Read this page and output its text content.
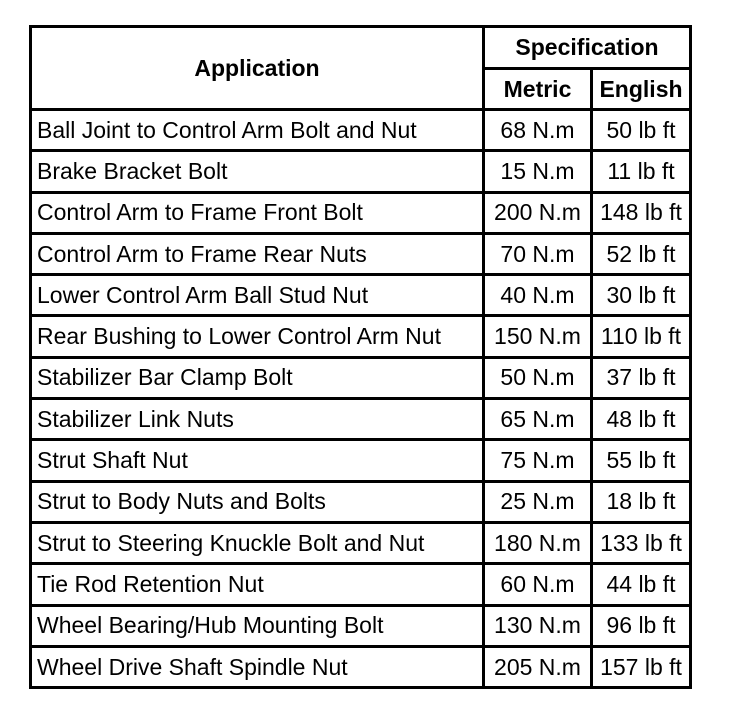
Application	Specification	
	Metric	English
Ball Joint to Control Arm Bolt and Nut	68 N.m	50 lb ft
Brake Bracket Bolt	15 N.m	11 lb ft
Control Arm to Frame Front Bolt	200 N.m	148 lb ft
Control Arm to Frame Rear Nuts	70 N.m	52 lb ft
Lower Control Arm Ball Stud Nut	40 N.m	30 lb ft
Rear Bushing to Lower Control Arm Nut	150 N.m	110 lb ft
Stabilizer Bar Clamp Bolt	50 N.m	37 lb ft
Stabilizer Link Nuts	65 N.m	48 lb ft
Strut Shaft Nut	75 N.m	55 lb ft
Strut to Body Nuts and Bolts	25 N.m	18 lb ft
Strut to Steering Knuckle Bolt and Nut	180 N.m	133 lb ft
Tie Rod Retention Nut	60 N.m	44 lb ft
Wheel Bearing/Hub Mounting Bolt	130 N.m	96 lb ft
Wheel Drive Shaft Spindle Nut	205 N.m	157 lb ft
